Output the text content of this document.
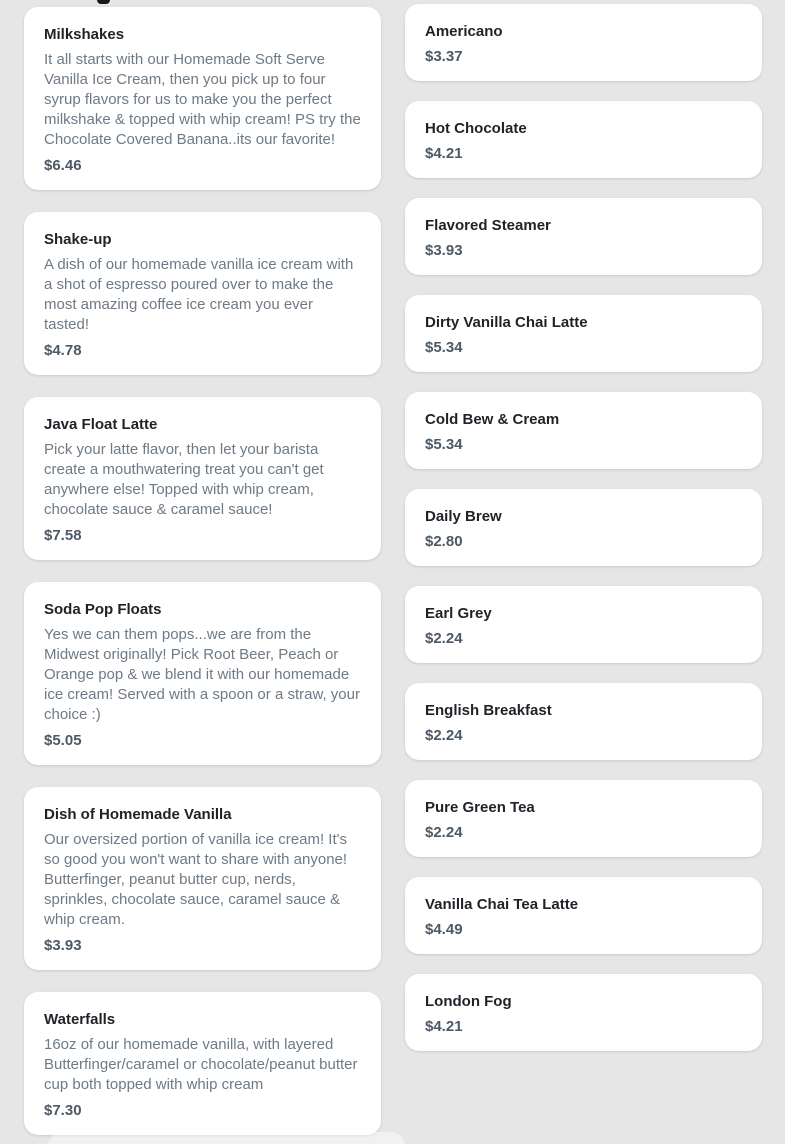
Milkshakes

It all starts with our Homemade Soft Serve Vanilla Ice Cream, then you pick up to four syrup flavors for us to make you the perfect milkshake & topped with whip cream! PS try the Chocolate Covered Banana..its our favorite!

$6.46

Shake-up

A dish of our homemade vanilla ice cream with a shot of espresso poured over to make the most amazing coffee ice cream you ever tasted!

$4.78

Java Float Latte

Pick your latte flavor, then let your barista create a mouthwatering treat you can't get anywhere else! Topped with whip cream, chocolate sauce & caramel sauce!

$7.58

Soda Pop Floats

Yes we can them pops...we are from the Midwest originally! Pick Root Beer, Peach or Orange pop & we blend it with our homemade ice cream! Served with a spoon or a straw, your choice :)

$5.05

Dish of Homemade Vanilla

Our oversized portion of vanilla ice cream! It's so good you won't want to share with anyone! Butterfinger, peanut butter cup, nerds, sprinkles, chocolate sauce, caramel sauce & whip cream.

$3.93

Waterfalls

16oz of our homemade vanilla, with layered Butterfinger/caramel or chocolate/peanut butter cup both topped with whip cream

$7.30

Americano

$3.37

Hot Chocolate

$4.21

Flavored Steamer

$3.93

Dirty Vanilla Chai Latte

$5.34

Cold Bew & Cream

$5.34

Daily Brew

$2.80

Earl Grey

$2.24

English Breakfast

$2.24

Pure Green Tea

$2.24

Vanilla Chai Tea Latte

$4.49

London Fog

$4.21
